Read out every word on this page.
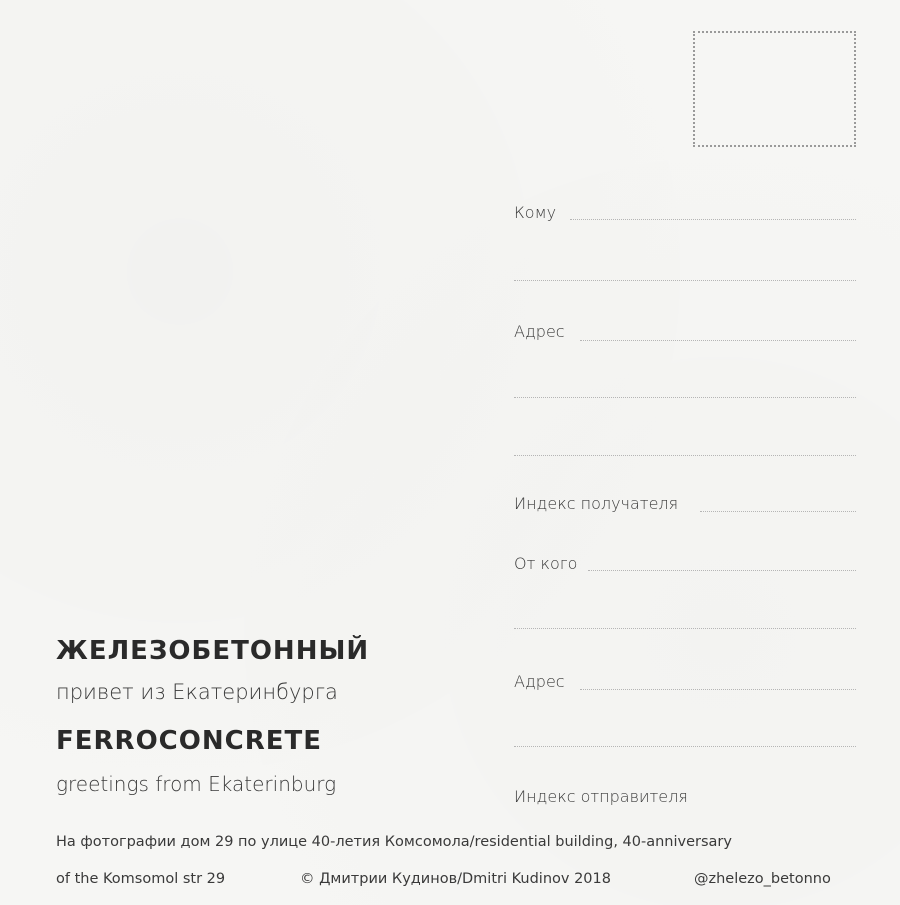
Кому
Адрес
Индекс получателя
От кого
Адрес
Индекс отправителя
ЖЕЛЕЗОБЕТОННЫЙ
привет из Екатеринбурга
FERROCONCRETE
greetings from Ekaterinburg
На фотографии дом 29 по улице 40-летия Комсомола/residential building, 40-anniversary
of the Komsomol str 29	© Дмитрии Кудинов/Dmitri Kudinov 2018	@zhelezo_betonno
